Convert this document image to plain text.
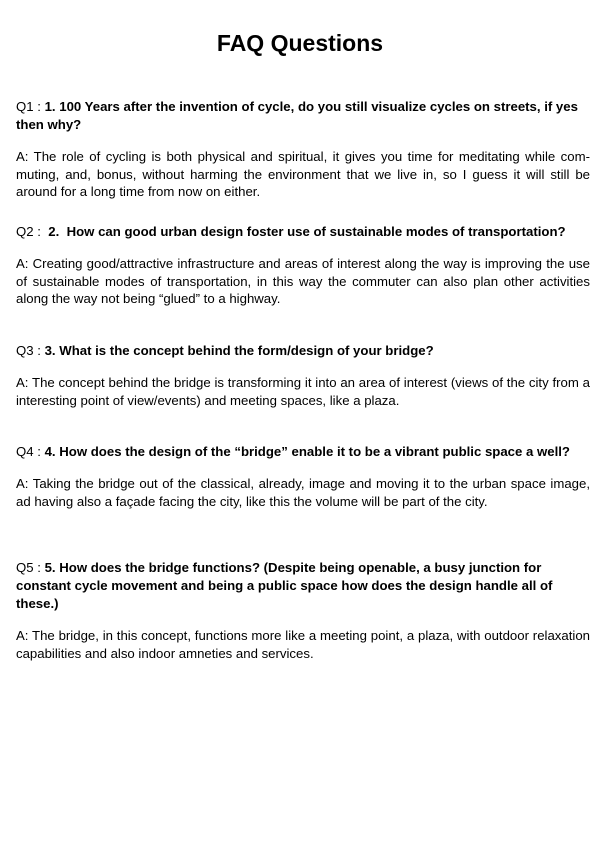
FAQ Questions

Q1 : 1. 100 Years after the invention of cycle, do you still visualize cycles on streets, if yes then why?

A: The role of cycling is both physical and spiritual, it gives you time for meditating while commuting, and, bonus, without harming the environment that we live in, so I guess it will still be around for a long time from now on either.

Q2 :  2.  How can good urban design foster use of sustainable modes of transportation?

A: Creating good/attractive infrastructure and areas of interest along the way is improving the use of sustainable modes of transportation, in this way the commuter can also plan other activities along the way not being “glued” to a highway.

Q3 : 3. What is the concept behind the form/design of your bridge?

A: The concept behind the bridge is transforming it into an area of interest (views of the city from a interesting point of view/events) and meeting spaces, like a plaza.

Q4 : 4. How does the design of the “bridge” enable it to be a vibrant public space a well?

A: Taking the bridge out of the classical, already, image and moving it to the urban space image, ad having also a façade facing the city, like this the volume will be part of the city.

Q5 : 5. How does the bridge functions? (Despite being openable, a busy junction for constant cycle movement and being a public space how does the design handle all of these.)

A: The bridge, in this concept, functions more like a meeting point, a plaza, with outdoor relaxation capabilities and also indoor amneties and services.
